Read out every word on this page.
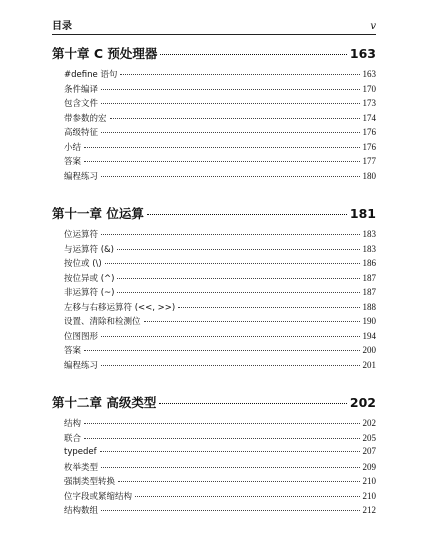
目录	v
第十章 C 预处理器	163
#define 语句	163
条件编译	170
包含文件	173
带参数的宏	174
高级特征	176
小结	176
答案	177
编程练习	180
第十一章 位运算	181
位运算符	183
与运算符 (&)	183
按位或 (\)	186
按位异或 (^)	187
非运算符 (~)	187
左移与右移运算符 (<<, >>)	188
设置、清除和检测位	190
位图图形	194
答案	200
编程练习	201
第十二章 高级类型	202
结构	202
联合	205
typedef	207
枚举类型	209
强制类型转换	210
位字段或紧缩结构	210
结构数组	212
